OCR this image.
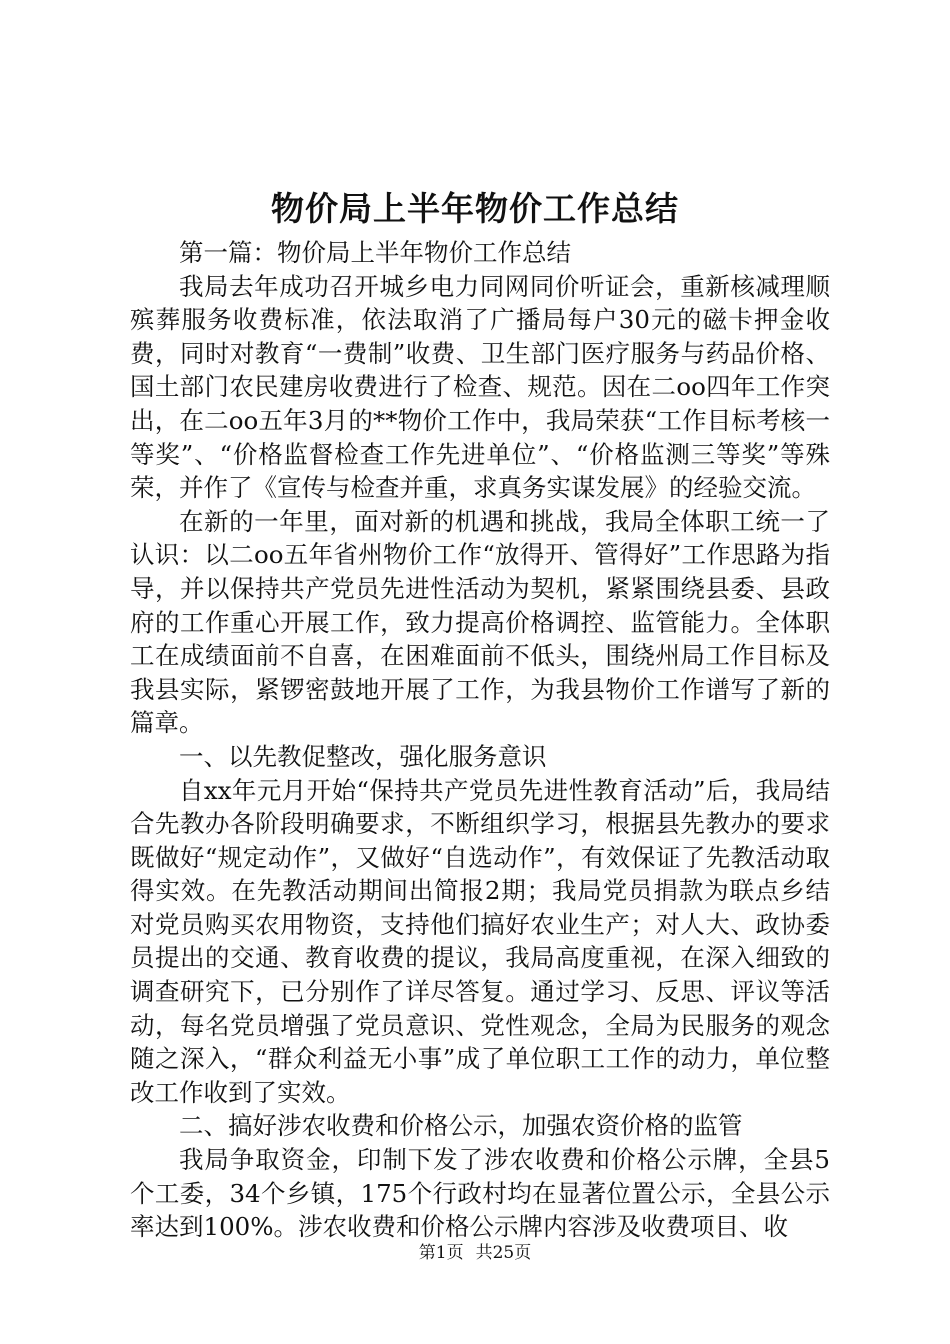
物价局上半年物价工作总结

第一篇：物价局上半年物价工作总结

我局去年成功召开城乡电力同网同价听证会，重新核减理顺殡葬服务收费标准，依法取消了广播局每户30元的磁卡押金收费，同时对教育“一费制”收费、卫生部门医疗服务与药品价格、国土部门农民建房收费进行了检查、规范。因在二oo四年工作突出，在二oo五年3月的**物价工作中，我局荣获“工作目标考核一等奖”、“价格监督检查工作先进单位”、“价格监测三等奖”等殊荣，并作了《宣传与检查并重，求真务实谋发展》的经验交流。

在新的一年里，面对新的机遇和挑战，我局全体职工统一了认识：以二oo五年省州物价工作“放得开、管得好”工作思路为指导，并以保持共产党员先进性活动为契机，紧紧围绕县委、县政府的工作重心开展工作，致力提高价格调控、监管能力。全体职工在成绩面前不自喜，在困难面前不低头，围绕州局工作目标及我县实际，紧锣密鼓地开展了工作，为我县物价工作谱写了新的篇章。

一、以先教促整改，强化服务意识

自xx年元月开始“保持共产党员先进性教育活动”后，我局结合先教办各阶段明确要求，不断组织学习，根据县先教办的要求既做好“规定动作”，又做好“自选动作”，有效保证了先教活动取得实效。在先教活动期间出简报2期；我局党员捐款为联点乡结对党员购买农用物资，支持他们搞好农业生产；对人大、政协委员提出的交通、教育收费的提议，我局高度重视，在深入细致的调查研究下，已分别作了详尽答复。通过学习、反思、评议等活动，每名党员增强了党员意识、党性观念，全局为民服务的观念随之深入，“群众利益无小事”成了单位职工工作的动力，单位整改工作收到了实效。

二、搞好涉农收费和价格公示，加强农资价格的监管

我局争取资金，印制下发了涉农收费和价格公示牌，全县5个工委，34个乡镇，175个行政村均在显著位置公示，全县公示率达到100%。涉农收费和价格公示牌内容涉及收费项目、收

第1页 共25页
